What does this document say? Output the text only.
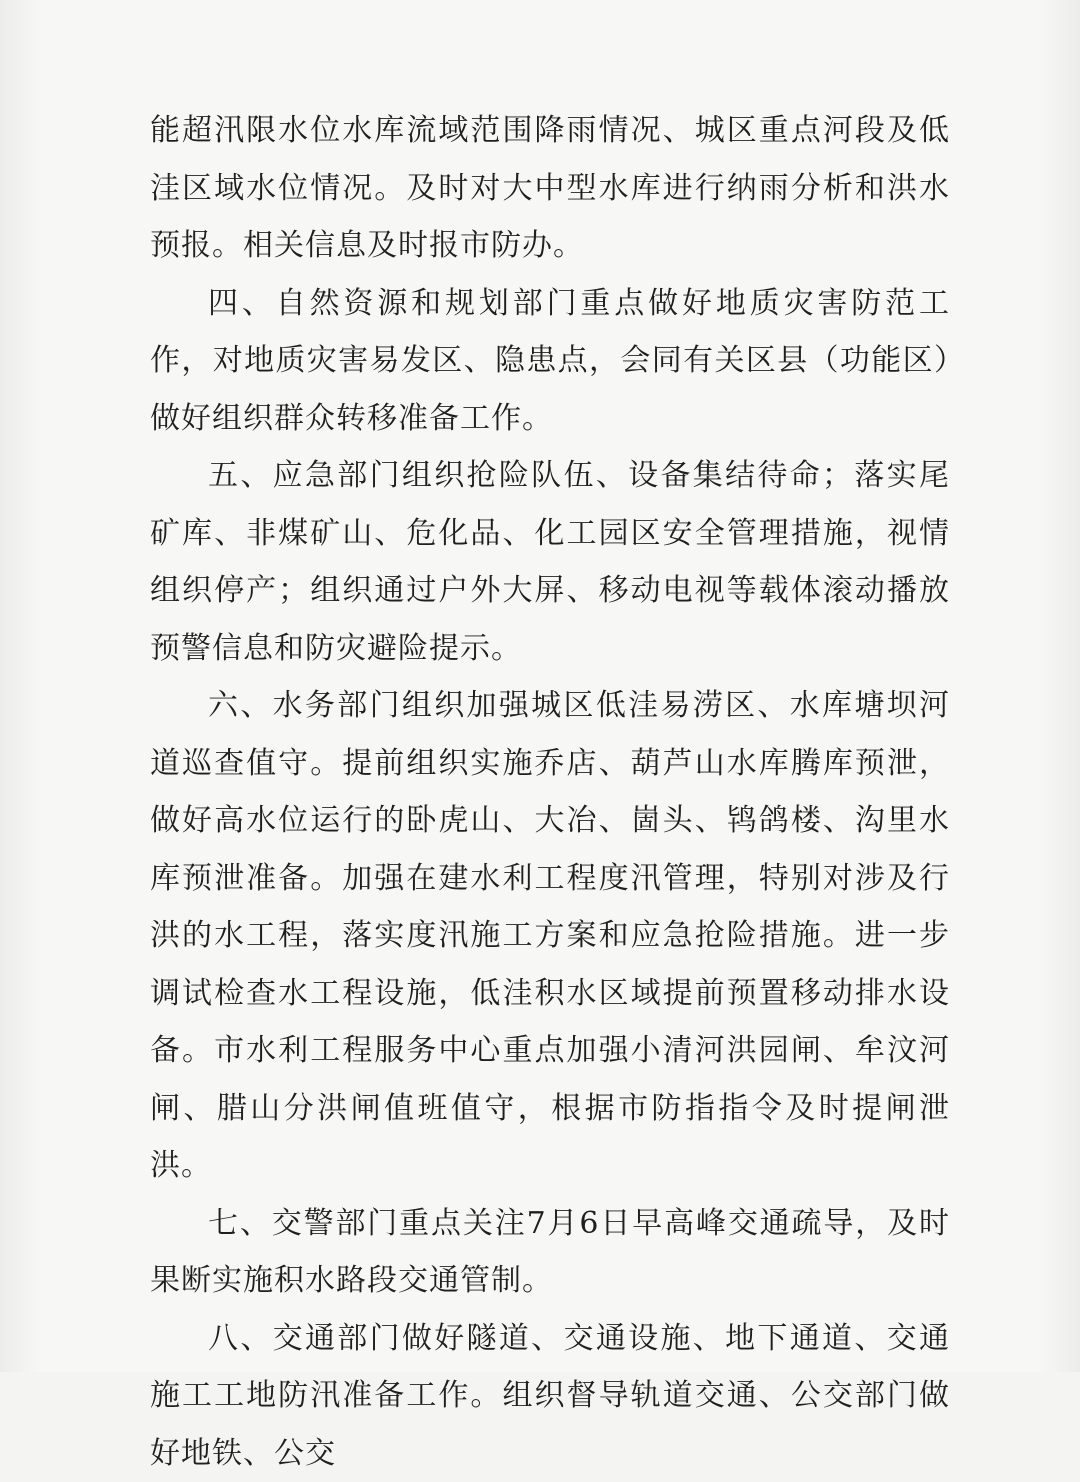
能超汛限水位水库流域范围降雨情况、城区重点河段及低洼区域水位情况。及时对大中型水库进行纳雨分析和洪水预报。相关信息及时报市防办。

四、自然资源和规划部门重点做好地质灾害防范工作，对地质灾害易发区、隐患点，会同有关区县（功能区）做好组织群众转移准备工作。

五、应急部门组织抢险队伍、设备集结待命；落实尾矿库、非煤矿山、危化品、化工园区安全管理措施，视情组织停产；组织通过户外大屏、移动电视等载体滚动播放预警信息和防灾避险提示。

六、水务部门组织加强城区低洼易涝区、水库塘坝河道巡查值守。提前组织实施乔店、葫芦山水库腾库预泄，做好高水位运行的卧虎山、大冶、崮头、鸨鸽楼、沟里水库预泄准备。加强在建水利工程度汛管理，特别对涉及行洪的水工程，落实度汛施工方案和应急抢险措施。进一步调试检查水工程设施，低洼积水区域提前预置移动排水设备。市水利工程服务中心重点加强小清河洪园闸、牟汶河闸、腊山分洪闸值班值守，根据市防指指令及时提闸泄洪。

七、交警部门重点关注7月6日早高峰交通疏导，及时果断实施积水路段交通管制。

八、交通部门做好隧道、交通设施、地下通道、交通施工工地防汛准备工作。组织督导轨道交通、公交部门做好地铁、公交
